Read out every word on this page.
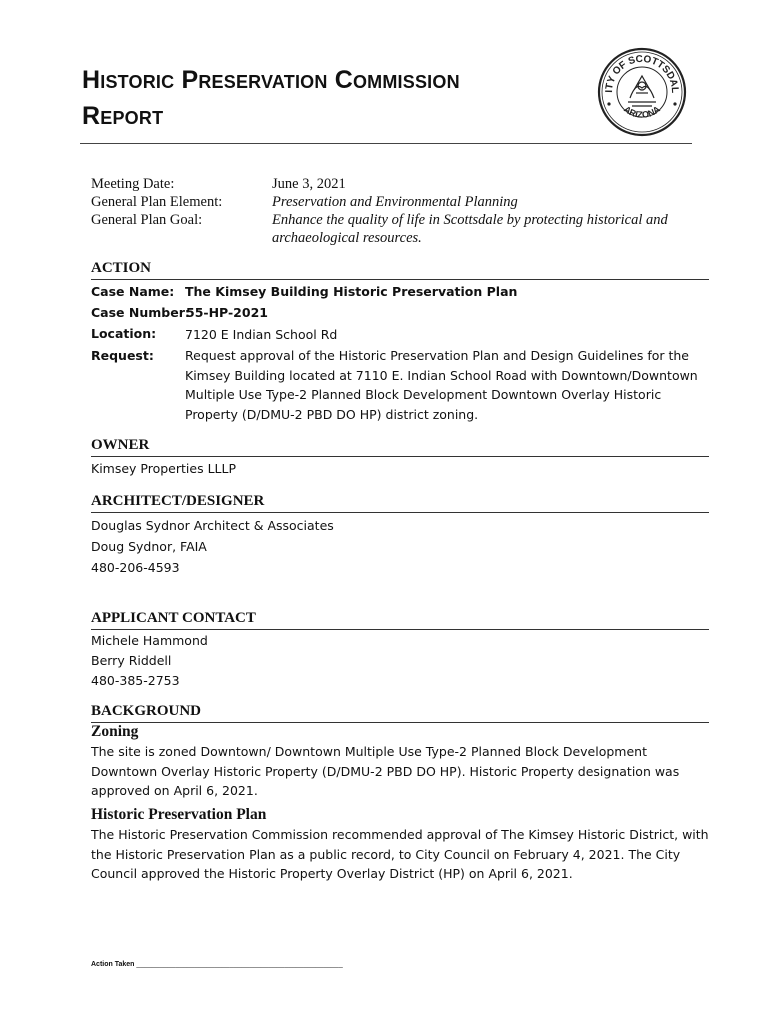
Historic Preservation Commission
Report
ITY OF SCOTTSDAL
ARIZONA
Meeting Date:	June 3, 2021
General Plan Element:	Preservation and Environmental Planning
General Plan Goal:	Enhance the quality of life in Scottsdale by protecting historical and
archaeological resources.
ACTION
Case Name: The Kimsey Building Historic Preservation Plan
Case Number:
55-HP-2021
Location: 7120 E Indian School Rd
Request: Request approval of the Historic Preservation Plan and Design Guidelines for the
Kimsey Building located at 7110 E. Indian School Road with Downtown/Downtown
Multiple Use Type-2 Planned Block Development Downtown Overlay Historic
Property (D/DMU-2 PBD DO HP) district zoning.
OWNER
Kimsey Properties LLLP
ARCHITECT/DESIGNER
Douglas Sydnor Architect & Associates
Doug Sydnor, FAIA
480-206-4593
APPLICANT CONTACT
Michele Hammond
Berry Riddell
480-385-2753
BACKGROUND
Zoning
The site is zoned Downtown/ Downtown Multiple Use Type-2 Planned Block Development
Downtown Overlay Historic Property (D/DMU-2 PBD DO HP). Historic Property designation was
approved on April 6, 2021.
Historic Preservation Plan
The Historic Preservation Commission recommended approval of The Kimsey Historic District, with
the Historic Preservation Plan as a public record, to City Council on February 4, 2021. The City
Council approved the Historic Property Overlay District (HP) on April 6, 2021.
Action Taken _____________________________________________________
